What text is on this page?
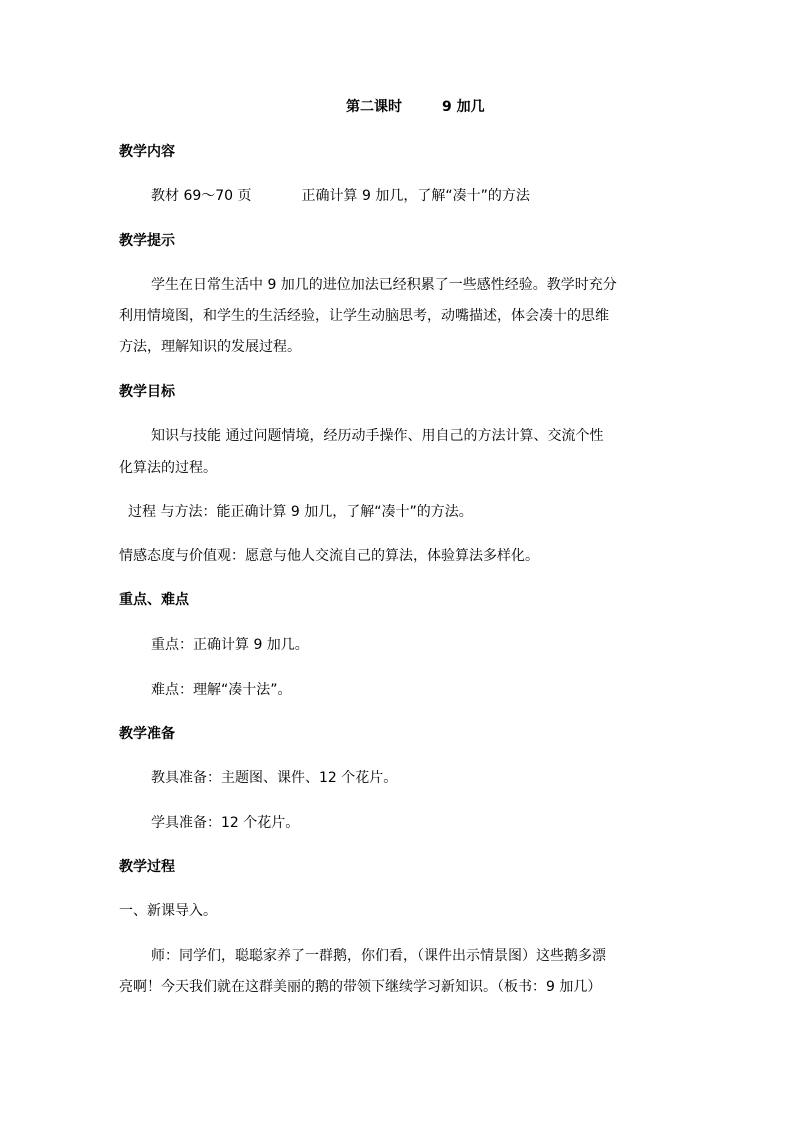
第二课时	9 加几

教学内容

教材 69～70 页	正确计算 9 加几，了解“凑十”的方法

教学提示

学生在日常生活中 9 加几的进位加法已经积累了一些感性经验。教学时充分

利用情境图，和学生的生活经验，让学生动脑思考，动嘴描述，体会凑十的思维

方法，理解知识的发展过程。

教学目标

知识与技能 通过问题情境，经历动手操作、用自己的方法计算、交流个性

化算法的过程。

过程 与方法：能正确计算 9 加几，了解“凑十”的方法。

情感态度与价值观：愿意与他人交流自己的算法，体验算法多样化。

重点、难点

重点：正确计算 9 加几。

难点：理解“凑十法”。

教学准备

教具准备：主题图、课件、12 个花片。

学具准备：12 个花片。

教学过程

一、新课导入。

师：同学们，聪聪家养了一群鹅，你们看，（课件出示情景图）这些鹅多漂

亮啊！今天我们就在这群美丽的鹅的带领下继续学习新知识。（板书：9 加几）
